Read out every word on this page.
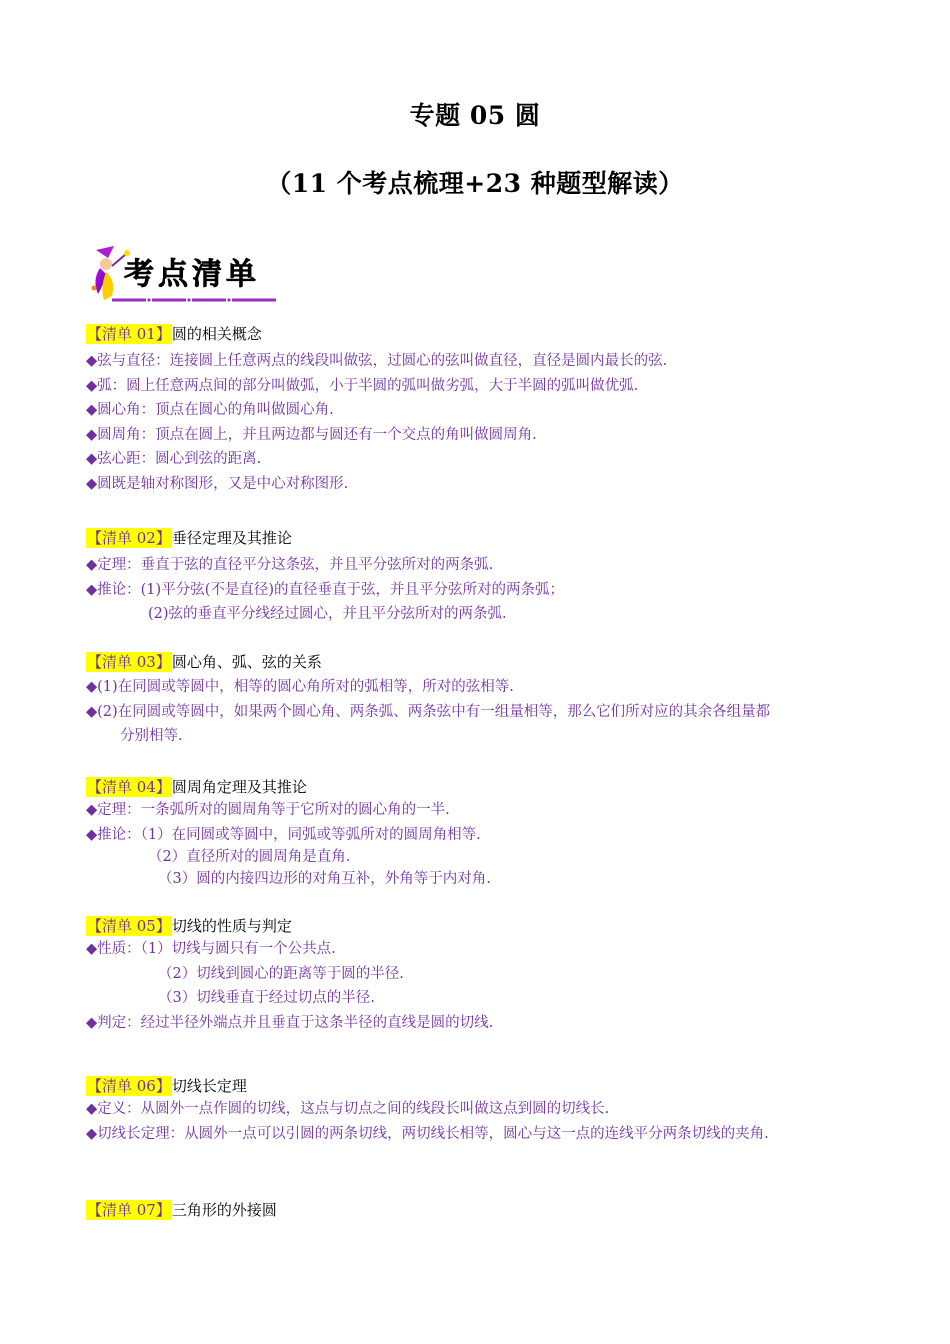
专题 05 圆
（11 个考点梳理+23 种题型解读）
考点清单
【清单 01】圆的相关概念
◆弦与直径：连接圆上任意两点的线段叫做弦，过圆心的弦叫做直径，直径是圆内最长的弦.
◆弧：圆上任意两点间的部分叫做弧，小于半圆的弧叫做劣弧，大于半圆的弧叫做优弧.
◆圆心角：顶点在圆心的角叫做圆心角.
◆圆周角：顶点在圆上，并且两边都与圆还有一个交点的角叫做圆周角.
◆弦心距：圆心到弦的距离.
◆圆既是轴对称图形，又是中心对称图形.
【清单 02】垂径定理及其推论
◆定理：垂直于弦的直径平分这条弦，并且平分弦所对的两条弧.
◆推论：(1)平分弦(不是直径)的直径垂直于弦，并且平分弦所对的两条弧；
(2)弦的垂直平分线经过圆心，并且平分弦所对的两条弧.
【清单 03】圆心角、弧、弦的关系
◆(1)在同圆或等圆中，相等的圆心角所对的弧相等，所对的弦相等.
◆(2)在同圆或等圆中，如果两个圆心角、两条弧、两条弦中有一组量相等，那么它们所对应的其余各组量都
分别相等.
【清单 04】圆周角定理及其推论
◆定理：一条弧所对的圆周角等于它所对的圆心角的一半.
◆推论：（1）在同圆或等圆中，同弧或等弧所对的圆周角相等.
（2）直径所对的圆周角是直角.
（3）圆的内接四边形的对角互补，外角等于内对角.
【清单 05】切线的性质与判定
◆性质：（1）切线与圆只有一个公共点.
（2）切线到圆心的距离等于圆的半径.
（3）切线垂直于经过切点的半径.
◆判定：经过半径外端点并且垂直于这条半径的直线是圆的切线.
【清单 06】切线长定理
◆定义：从圆外一点作圆的切线，这点与切点之间的线段长叫做这点到圆的切线长.
◆切线长定理：从圆外一点可以引圆的两条切线，两切线长相等，圆心与这一点的连线平分两条切线的夹角.
【清单 07】三角形的外接圆
